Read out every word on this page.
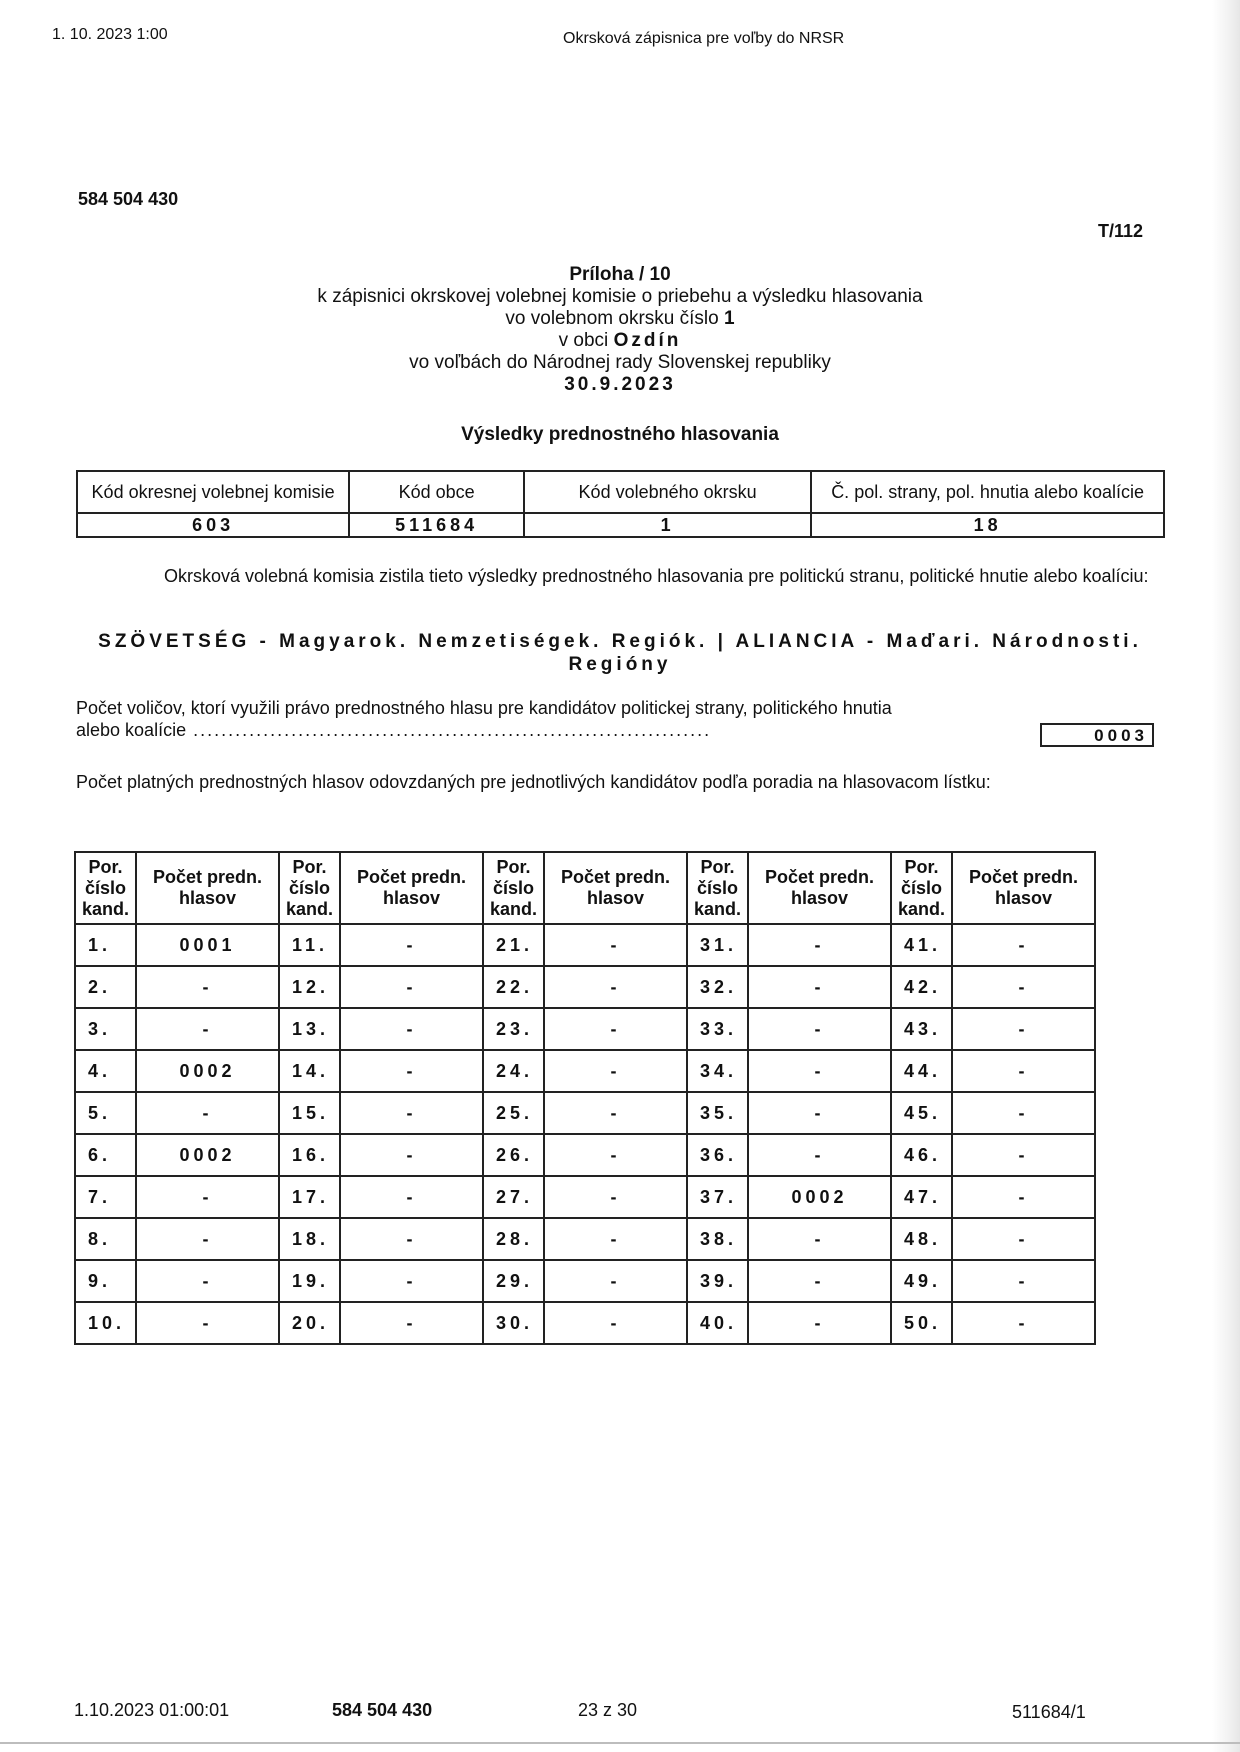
1. 10. 2023 1:00	Okrsková zápisnica pre voľby do NRSR
584 504 430
T/112
Príloha / 10
k zápisnici okrskovej volebnej komisie o priebehu a výsledku hlasovania
vo volebnom okrsku číslo 1
v obci Ozdín
vo voľbách do Národnej rady Slovenskej republiky
30.9.2023
Výsledky prednostného hlasovania
Kód okresnej volebnej komisie	Kód obce	Kód volebného okrsku	Č. pol. strany, pol. hnutia alebo koalície
603	511684	1	18
Okrsková volebná komisia zistila tieto výsledky prednostného hlasovania pre politickú stranu, politické hnutie alebo koalíciu:
SZÖVETSÉG - Magyarok. Nemzetiségek. Regiók. | ALIANCIA - Maďari. Národnosti.
Regióny
Počet voličov, ktorí využili právo prednostného hlasu pre kandidátov politickej strany, politického hnutia
alebo koalície ..........................................................................	0003
Počet platných prednostných hlasov odovzdaných pre jednotlivých kandidátov podľa poradia na hlasovacom lístku:
Por. číslo kand.	Počet predn. hlasov	Por. číslo kand.	Počet predn. hlasov	Por. číslo kand.	Počet predn. hlasov	Por. číslo kand.	Počet predn. hlasov	Por. číslo kand.	Počet predn. hlasov
1.	0001	11.	-	21.	-	31.	-	41.	-
2.	-	12.	-	22.	-	32.	-	42.	-
3.	-	13.	-	23.	-	33.	-	43.	-
4.	0002	14.	-	24.	-	34.	-	44.	-
5.	-	15.	-	25.	-	35.	-	45.	-
6.	0002	16.	-	26.	-	36.	-	46.	-
7.	-	17.	-	27.	-	37.	0002	47.	-
8.	-	18.	-	28.	-	38.	-	48.	-
9.	-	19.	-	29.	-	39.	-	49.	-
10.	-	20.	-	30.	-	40.	-	50.	-
1.10.2023 01:00:01	584 504 430	23 z 30	511684/1
